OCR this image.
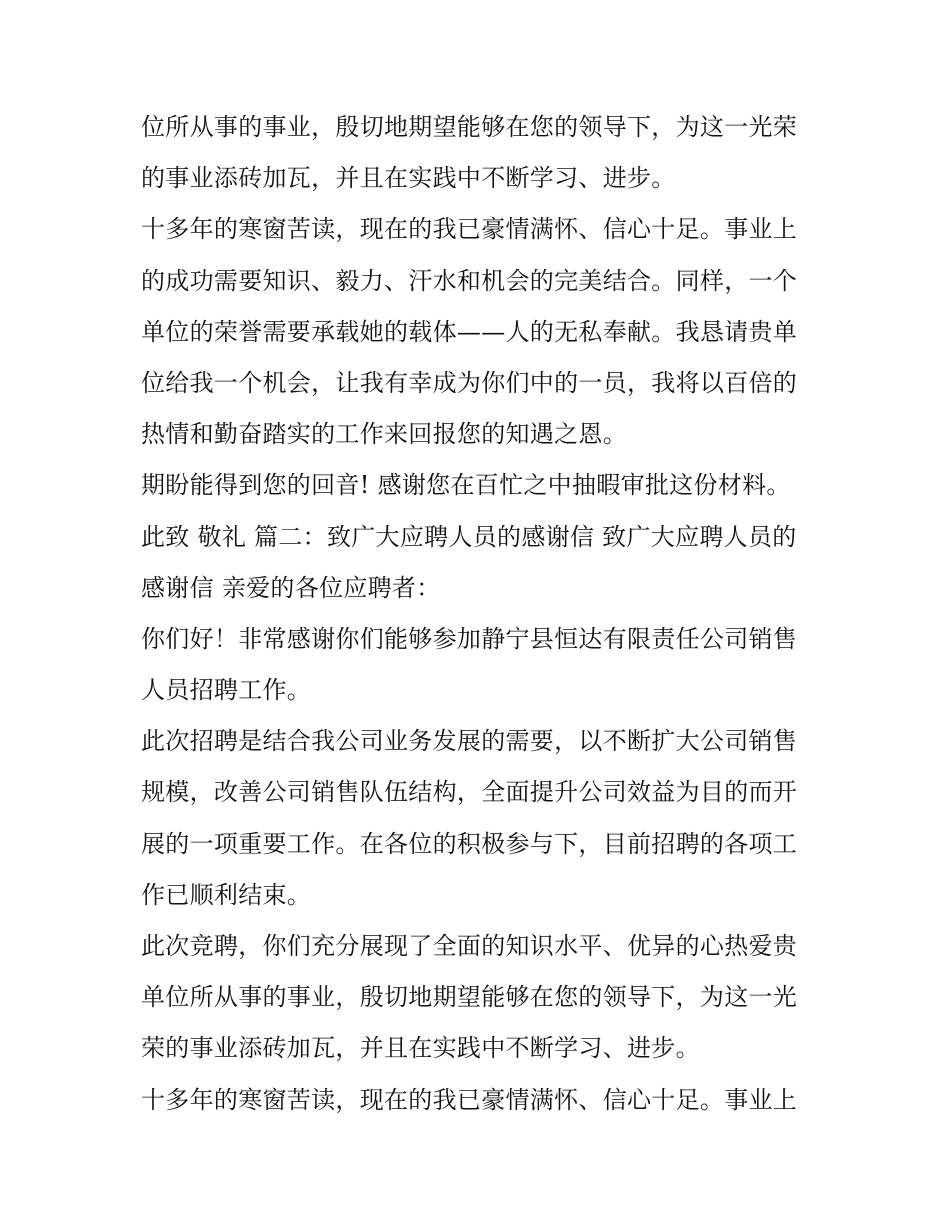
位所从事的事业，殷切地期望能够在您的领导下，为这一光荣
的事业添砖加瓦，并且在实践中不断学习、进步。
十多年的寒窗苦读，现在的我已豪情满怀、信心十足。事业上
的成功需要知识、毅力、汗水和机会的完美结合。同样，一个
单位的荣誉需要承载她的载体——人的无私奉献。我恳请贵单
位给我一个机会，让我有幸成为你们中的一员，我将以百倍的
热情和勤奋踏实的工作来回报您的知遇之恩。
期盼能得到您的回音! 感谢您在百忙之中抽暇审批这份材料。
此致 敬礼 篇二：致广大应聘人员的感谢信 致广大应聘人员的
感谢信 亲爱的各位应聘者：
你们好！非常感谢你们能够参加静宁县恒达有限责任公司销售
人员招聘工作。
此次招聘是结合我公司业务发展的需要，以不断扩大公司销售
规模，改善公司销售队伍结构，全面提升公司效益为目的而开
展的一项重要工作。在各位的积极参与下，目前招聘的各项工
作已顺利结束。
此次竞聘，你们充分展现了全面的知识水平、优异的心热爱贵
单位所从事的事业，殷切地期望能够在您的领导下，为这一光
荣的事业添砖加瓦，并且在实践中不断学习、进步。
十多年的寒窗苦读，现在的我已豪情满怀、信心十足。事业上
